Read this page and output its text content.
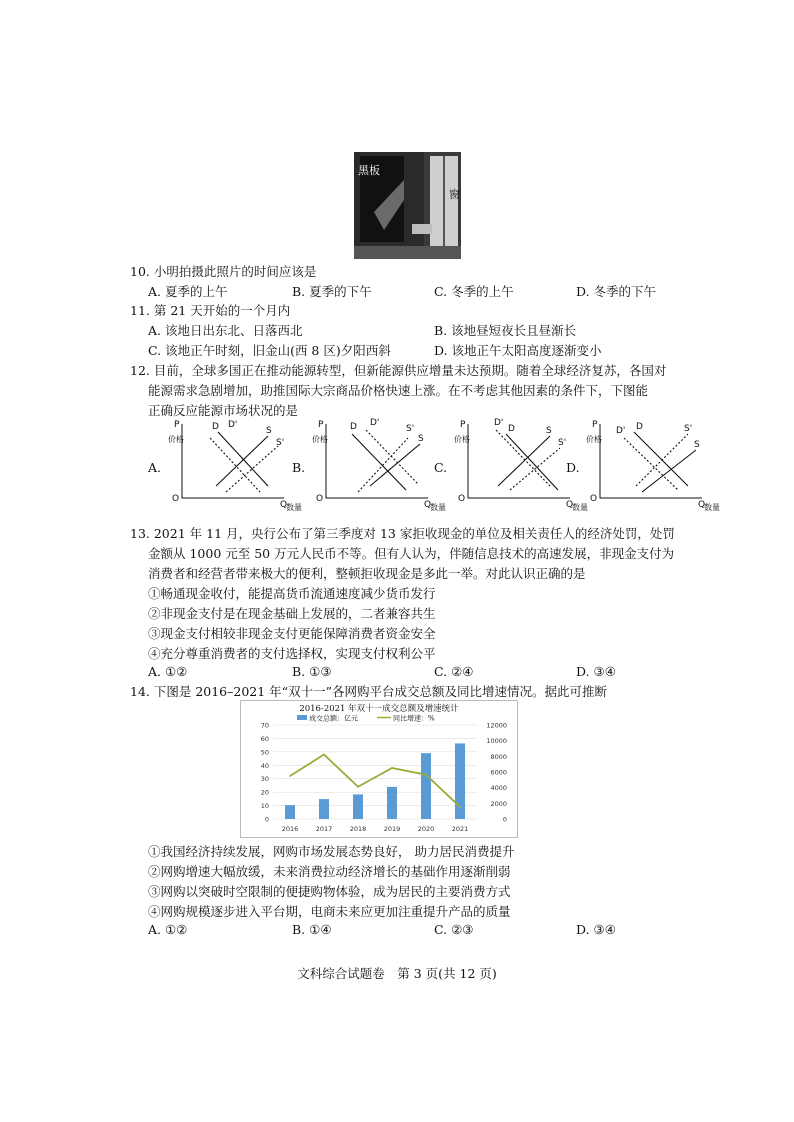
黑板
窗
10. 小明拍摄此照片的时间应该是
A. 夏季的上午	B. 夏季的下午	C. 冬季的上午	D. 冬季的下午
11. 第 21 天开始的一个月内
A. 该地日出东北、日落西北	B. 该地昼短夜长且昼渐长
C. 该地正午时刻，旧金山(西 8 区)夕阳西斜	D. 该地正午太阳高度逐渐变小
12. 目前，全球多国正在推动能源转型，但新能源供应增量未达预期。随着全球经济复苏，各国对
能源需求急剧增加，助推国际大宗商品价格快速上涨。在不考虑其他因素的条件下，下图能
正确反应能源市场状况的是
A.
P
价格
O
Q
数量
D D'
S
S'
B.
P
价格
O
Q
数量
D D'
S'
S
C.
P
价格
O
Q
数量
D'
D	S
S'
D.
P
价格
O
Q
数量
D' D	S'
S
13. 2021 年 11 月，央行公布了第三季度对 13 家拒收现金的单位及相关责任人的经济处罚，处罚
金额从 1000 元至 50 万元人民币不等。但有人认为，伴随信息技术的高速发展，非现金支付为
消费者和经营者带来极大的便利，整顿拒收现金是多此一举。对此认识正确的是
①畅通现金收付，能提高货币流通速度减少货币发行
②非现金支付是在现金基础上发展的，二者兼容共生
③现金支付相较非现金支付更能保障消费者资金安全
④充分尊重消费者的支付选择权，实现支付权利公平
A. ①②	B. ①③	C. ②④	D. ③④
14. 下图是 2016–2021 年“双十一”各网购平台成交总额及同比增速情况。据此可推断
2016-2021 年双十一成交总额及增速统计
成交总额：亿元	同比增速：%
0
10
20
30
40
50
60
70
0
2000
4000
6000
8000
10000
12000
2016	2017	2018	2019	2020	2021
①我国经济持续发展，网购市场发展态势良好， 助力居民消费提升
②网购增速大幅放缓，未来消费拉动经济增长的基础作用逐渐削弱
③网购以突破时空限制的便捷购物体验，成为居民的主要消费方式
④网购规模逐步进入平台期，电商未来应更加注重提升产品的质量
A. ①②	B. ①④	C. ②③	D. ③④
文科综合试题卷　第 3 页(共 12 页)
